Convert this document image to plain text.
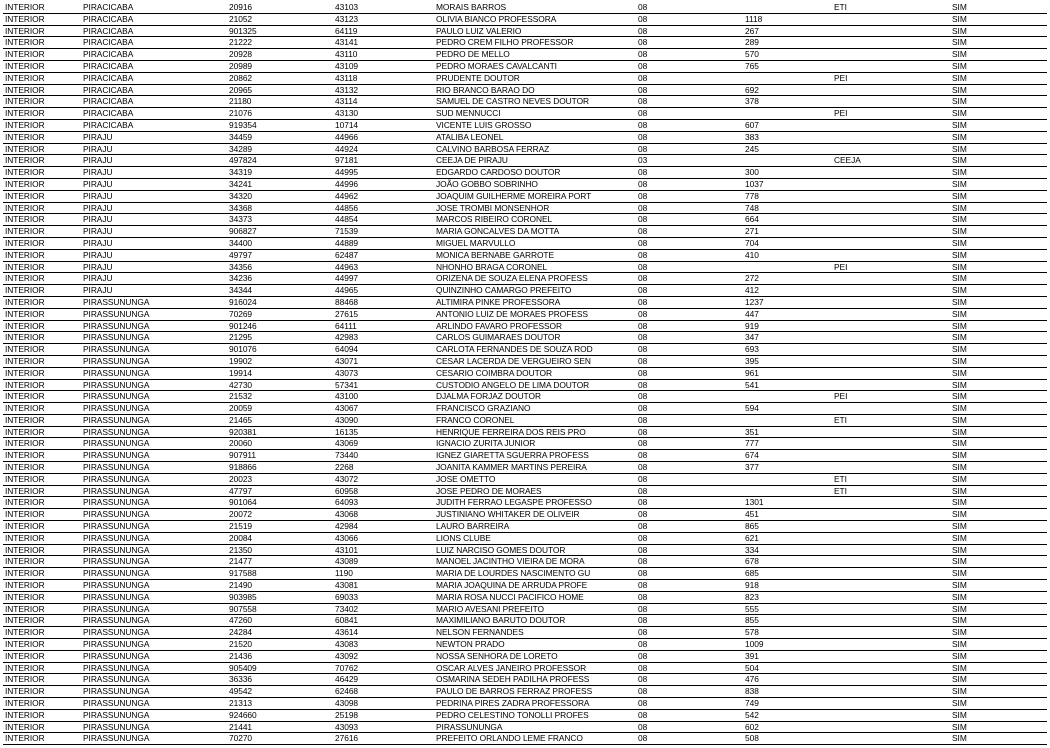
INTERIOR	PIRACICABA	20916	43103	MORAIS BARROS	08		ETI	SIM
INTERIOR	PIRACICABA	21052	43123	OLIVIA BIANCO PROFESSORA	08	1118		SIM
INTERIOR	PIRACICABA	901325	64119	PAULO LUIZ VALERIO	08	267		SIM
INTERIOR	PIRACICABA	21222	43141	PEDRO CREM FILHO PROFESSOR	08	289		SIM
INTERIOR	PIRACICABA	20928	43110	PEDRO DE MELLO	08	570		SIM
INTERIOR	PIRACICABA	20989	43109	PEDRO MORAES CAVALCANTI	08	765		SIM
INTERIOR	PIRACICABA	20862	43118	PRUDENTE DOUTOR	08		PEI	SIM
INTERIOR	PIRACICABA	20965	43132	RIO BRANCO BARAO DO	08	692		SIM
INTERIOR	PIRACICABA	21180	43114	SAMUEL DE CASTRO NEVES DOUTOR	08	378		SIM
INTERIOR	PIRACICABA	21076	43130	SUD MENNUCCI	08		PEI	SIM
INTERIOR	PIRACICABA	919354	10714	VICENTE LUIS GROSSO	08	607		SIM
INTERIOR	PIRAJU	34459	44966	ATALIBA LEONEL	08	383		SIM
INTERIOR	PIRAJU	34289	44924	CALVINO BARBOSA FERRAZ	08	245		SIM
INTERIOR	PIRAJU	497824	97181	CEEJA DE PIRAJU	03		CEEJA	SIM
INTERIOR	PIRAJU	34319	44995	EDGARDO CARDOSO DOUTOR	08	300		SIM
INTERIOR	PIRAJU	34241	44996	JOÃO GOBBO SOBRINHO	08	1037		SIM
INTERIOR	PIRAJU	34320	44962	JOAQUIM GUILHERME MOREIRA PORT	08	778		SIM
INTERIOR	PIRAJU	34368	44856	JOSE TROMBI MONSENHOR	08	748		SIM
INTERIOR	PIRAJU	34373	44854	MARCOS RIBEIRO CORONEL	08	664		SIM
INTERIOR	PIRAJU	906827	71539	MARIA GONCALVES DA MOTTA	08	271		SIM
INTERIOR	PIRAJU	34400	44889	MIGUEL MARVULLO	08	704		SIM
INTERIOR	PIRAJU	49797	62487	MONICA BERNABE GARROTE	08	410		SIM
INTERIOR	PIRAJU	34356	44963	NHONHO BRAGA CORONEL	08		PEI	SIM
INTERIOR	PIRAJU	34236	44997	ORIZENA DE SOUZA ELENA PROFESS	08	272		SIM
INTERIOR	PIRAJU	34344	44965	QUINZINHO CAMARGO PREFEITO	08	412		SIM
INTERIOR	PIRASSUNUNGA	916024	88468	ALTIMIRA PINKE PROFESSORA	08	1237		SIM
INTERIOR	PIRASSUNUNGA	70269	27615	ANTONIO LUIZ DE MORAES PROFESS	08	447		SIM
INTERIOR	PIRASSUNUNGA	901246	64111	ARLINDO FAVARO PROFESSOR	08	919		SIM
INTERIOR	PIRASSUNUNGA	21295	42983	CARLOS GUIMARAES DOUTOR	08	347		SIM
INTERIOR	PIRASSUNUNGA	901076	64094	CARLOTA FERNANDES DE SOUZA ROD	08	693		SIM
INTERIOR	PIRASSUNUNGA	19902	43071	CESAR LACERDA DE VERGUEIRO SEN	08	395		SIM
INTERIOR	PIRASSUNUNGA	19914	43073	CESARIO COIMBRA DOUTOR	08	961		SIM
INTERIOR	PIRASSUNUNGA	42730	57341	CUSTODIO ANGELO DE LIMA DOUTOR	08	541		SIM
INTERIOR	PIRASSUNUNGA	21532	43100	DJALMA FORJAZ DOUTOR	08		PEI	SIM
INTERIOR	PIRASSUNUNGA	20059	43067	FRANCISCO GRAZIANO	08	594		SIM
INTERIOR	PIRASSUNUNGA	21465	43090	FRANCO CORONEL	08		ETI	SIM
INTERIOR	PIRASSUNUNGA	920381	16135	HENRIQUE FERREIRA DOS REIS PRO	08	351		SIM
INTERIOR	PIRASSUNUNGA	20060	43069	IGNACIO ZURITA JUNIOR	08	777		SIM
INTERIOR	PIRASSUNUNGA	907911	73440	IGNEZ GIARETTA SGUERRA PROFESS	08	674		SIM
INTERIOR	PIRASSUNUNGA	918866	2268	JOANITA KAMMER MARTINS PEREIRA	08	377		SIM
INTERIOR	PIRASSUNUNGA	20023	43072	JOSE OMETTO	08		ETI	SIM
INTERIOR	PIRASSUNUNGA	47797	60958	JOSE PEDRO DE MORAES	08		ETI	SIM
INTERIOR	PIRASSUNUNGA	901064	64093	JUDITH FERRAO LEGASPE PROFESSO	08	1301		SIM
INTERIOR	PIRASSUNUNGA	20072	43068	JUSTINIANO WHITAKER DE OLIVEIR	08	451		SIM
INTERIOR	PIRASSUNUNGA	21519	42984	LAURO BARREIRA	08	865		SIM
INTERIOR	PIRASSUNUNGA	20084	43066	LIONS CLUBE	08	621		SIM
INTERIOR	PIRASSUNUNGA	21350	43101	LUIZ NARCISO GOMES DOUTOR	08	334		SIM
INTERIOR	PIRASSUNUNGA	21477	43089	MANOEL JACINTHO VIEIRA DE MORA	08	678		SIM
INTERIOR	PIRASSUNUNGA	917588	1190	MARIA DE LOURDES NASCIMENTO GU	08	685		SIM
INTERIOR	PIRASSUNUNGA	21490	43081	MARIA JOAQUINA DE ARRUDA PROFE	08	918		SIM
INTERIOR	PIRASSUNUNGA	903985	69033	MARIA ROSA NUCCI PACIFICO HOME	08	823		SIM
INTERIOR	PIRASSUNUNGA	907558	73402	MARIO AVESANI PREFEITO	08	555		SIM
INTERIOR	PIRASSUNUNGA	47260	60841	MAXIMILIANO BARUTO DOUTOR	08	855		SIM
INTERIOR	PIRASSUNUNGA	24284	43614	NELSON FERNANDES	08	578		SIM
INTERIOR	PIRASSUNUNGA	21520	43083	NEWTON PRADO	08	1009		SIM
INTERIOR	PIRASSUNUNGA	21436	43092	NOSSA SENHORA DE LORETO	08	391		SIM
INTERIOR	PIRASSUNUNGA	905409	70762	OSCAR ALVES JANEIRO PROFESSOR	08	504		SIM
INTERIOR	PIRASSUNUNGA	36336	46429	OSMARINA SEDEH PADILHA PROFESS	08	476		SIM
INTERIOR	PIRASSUNUNGA	49542	62468	PAULO DE BARROS FERRAZ PROFESS	08	838		SIM
INTERIOR	PIRASSUNUNGA	21313	43098	PEDRINA PIRES ZADRA PROFESSORA	08	749		SIM
INTERIOR	PIRASSUNUNGA	924660	25198	PEDRO CELESTINO TONOLLI PROFES	08	542		SIM
INTERIOR	PIRASSUNUNGA	21441	43093	PIRASSUNUNGA	08	602		SIM
INTERIOR	PIRASSUNUNGA	70270	27616	PREFEITO ORLANDO LEME FRANCO	08	508		SIM
